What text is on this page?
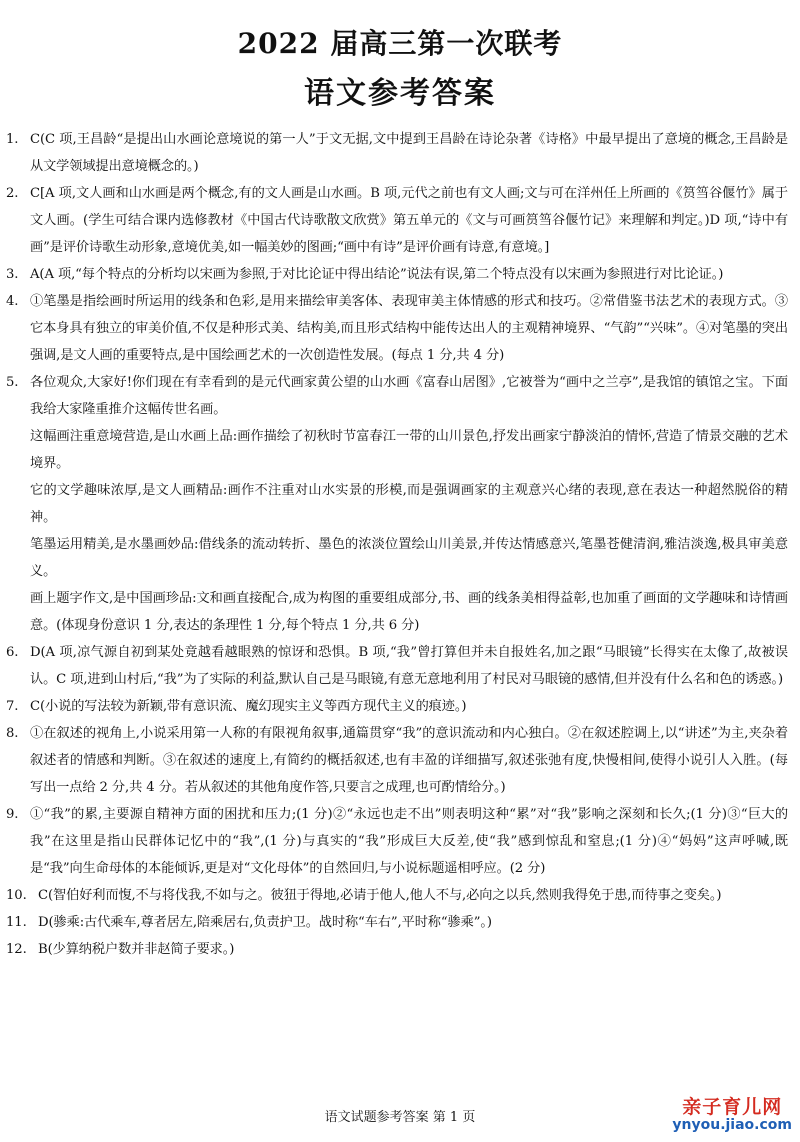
2022 届高三第一次联考
语文参考答案
1. C(C 项,王昌龄“是提出山水画论意境说的第一人”于文无据,文中提到王昌龄在诗论杂著《诗格》中最早提出了意境的概念,王昌龄是从文学领域提出意境概念的。)
2. C[A 项,文人画和山水画是两个概念,有的文人画是山水画。B 项,元代之前也有文人画;文与可在洋州任上所画的《筼筜谷偃竹》属于文人画。(学生可结合课内选修教材《中国古代诗歌散文欣赏》第五单元的《文与可画筼筜谷偃竹记》来理解和判定。)D 项,“诗中有画”是评价诗歌生动形象,意境优美,如一幅美妙的图画;“画中有诗”是评价画有诗意,有意境。]
3. A(A 项,“每个特点的分析均以宋画为参照,于对比论证中得出结论”说法有误,第二个特点没有以宋画为参照进行对比论证。)
4. ①笔墨是指绘画时所运用的线条和色彩,是用来描绘审美客体、表现审美主体情感的形式和技巧。②常借鉴书法艺术的表现方式。③它本身具有独立的审美价值,不仅是种形式美、结构美,而且形式结构中能传达出人的主观精神境界、“气韵”“兴味”。④对笔墨的突出强调,是文人画的重要特点,是中国绘画艺术的一次创造性发展。(每点 1 分,共 4 分)
5. 各位观众,大家好!你们现在有幸看到的是元代画家黄公望的山水画《富春山居图》,它被誉为“画中之兰亭”,是我馆的镇馆之宝。下面我给大家隆重推介这幅传世名画。
这幅画注重意境营造,是山水画上品:画作描绘了初秋时节富春江一带的山川景色,抒发出画家宁静淡泊的情怀,营造了情景交融的艺术境界。
它的文学趣味浓厚,是文人画精品:画作不注重对山水实景的形模,而是强调画家的主观意兴心绪的表现,意在表达一种超然脱俗的精神。
笔墨运用精美,是水墨画妙品:借线条的流动转折、墨色的浓淡位置绘山川美景,并传达情感意兴,笔墨苍健清润,雅洁淡逸,极具审美意义。
画上题字作文,是中国画珍品:文和画直接配合,成为构图的重要组成部分,书、画的线条美相得益彰,也加重了画面的文学趣味和诗情画意。(体现身份意识 1 分,表达的条理性 1 分,每个特点 1 分,共 6 分)
6. D(A 项,凉气源自初到某处竟越看越眼熟的惊讶和恐惧。B 项,“我”曾打算但并未自报姓名,加之跟“马眼镜”长得实在太像了,故被误认。C 项,进到山村后,“我”为了实际的利益,默认自己是马眼镜,有意无意地利用了村民对马眼镜的感情,但并没有什么名和色的诱惑。)
7. C(小说的写法较为新颖,带有意识流、魔幻现实主义等西方现代主义的痕迹。)
8. ①在叙述的视角上,小说采用第一人称的有限视角叙事,通篇贯穿“我”的意识流动和内心独白。②在叙述腔调上,以“讲述”为主,夹杂着叙述者的情感和判断。③在叙述的速度上,有简约的概括叙述,也有丰盈的详细描写,叙述张弛有度,快慢相间,使得小说引人入胜。(每写出一点给 2 分,共 4 分。若从叙述的其他角度作答,只要言之成理,也可酌情给分。)
9. ①“我”的累,主要源自精神方面的困扰和压力;(1 分)②“永远也走不出”则表明这种“累”对“我”影响之深刻和长久;(1 分)③“巨大的我”在这里是指山民群体记忆中的“我”,(1 分)与真实的“我”形成巨大反差,使“我”感到惊乱和窒息;(1 分)④“妈妈”这声呼喊,既是“我”向生命母体的本能倾诉,更是对“文化母体”的自然回归,与小说标题遥相呼应。(2 分)
10. C(智伯好利而愎,不与将伐我,不如与之。彼狃于得地,必请于他人,他人不与,必向之以兵,然则我得免于患,而待事之变矣。)
11. D(骖乘:古代乘车,尊者居左,陪乘居右,负责护卫。战时称“车右”,平时称“骖乘”。)
12. B(少算纳税户数并非赵简子要求。)
语文试题参考答案 第 1 页	亲子育儿网
ynyou.jiao.com
